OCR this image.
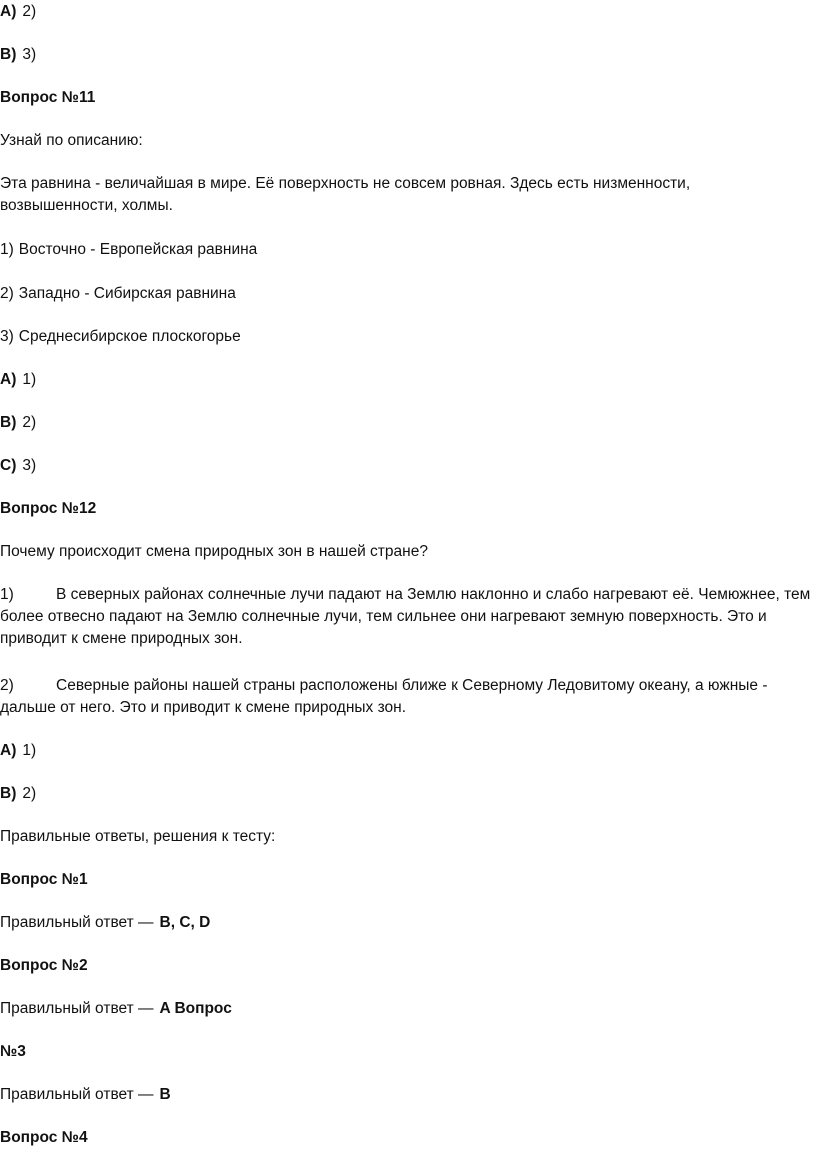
A) 2)
B) 3)
Вопрос №11
Узнай по описанию:
Эта равнина - величайшая в мире. Её поверхность не совсем ровная. Здесь есть низменности, возвышенности, холмы.
1) Восточно - Европейская равнина
2) Западно - Сибирская равнина
3) Среднесибирское плоскогорье
A) 1)
B) 2)
C) 3)
Вопрос №12
Почему происходит смена природных зон в нашей стране?
1)	В северных районах солнечные лучи падают на Землю наклонно и слабо нагревают её. Чемюжнее, тем более отвесно падают на Землю солнечные лучи, тем сильнее они нагревают земную поверхность. Это и приводит к смене природных зон.
2)	Северные районы нашей страны расположены ближе к Северному Ледовитому океану, а южные - дальше от него. Это и приводит к смене природных зон.
A) 1)
B) 2)
Правильные ответы, решения к тесту:
Вопрос №1
Правильный ответ — B, C, D
Вопрос №2
Правильный ответ — A Вопрос
№3
Правильный ответ — B
Вопрос №4
